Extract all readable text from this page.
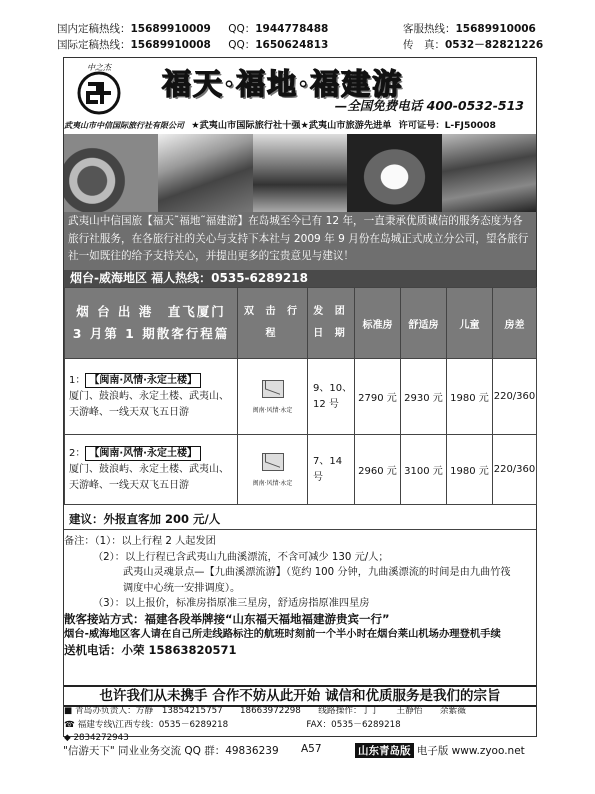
国内定稿热线：15689910009 QQ：1944778488
国际定稿热线：15689910008 QQ：1650624813
客服热线：15689910006
传　真：0532－82821226
中之杰 福天·福地·福建游
—全国免费电话 400-0532-513
武夷山市中信国际旅行社有限公司 ★武夷山市国际旅行社十强★武夷山市旅游先进单 许可证号：L-FJ50008
武夷山中信国旅【福天˜福地˜福建游】在岛城至今已有 12 年，一直秉承优质诚信的服务态度为各旅行社服务，在各旅行社的关心与支持下本社与 2009 年 9 月份在岛城正式成立分公司，望各旅行社一如既往的给予支持关心，并提出更多的宝贵意见与建议！
烟台-威海地区 福人热线：0535-6289218
烟 台 出 港　直飞厦门
3 月第 1 期散客行程篇	双 击 行 程	发 团 日 期	标准房	舒适房	儿童	房差
1： 【闽南·风情·永定土楼】
厦门、鼓浪屿、永定土楼、武夷山、天游峰、一线天双飞五日游	闽南·风情·永定	9、10、12 号	2790 元	2930 元	1980 元	220/360
2： 【闽南·风情·永定土楼】
厦门、鼓浪屿、永定土楼、武夷山、天游峰、一线天双飞五日游	闽南·风情·永定	7、14 号	2960 元	3100 元	1980 元	220/360
建议：外报直客加 200 元/人
备注：（1）：以上行程 2 人起发团
（2）：以上行程已含武夷山九曲溪漂流，不含可减少 130 元/人；
武夷山灵魂景点—【九曲溪漂流游】（览约 100 分钟，九曲溪漂流的时间是由九曲竹筏
调度中心统一安排调度）。
（3）：以上报价，标准房指原准三星房，舒适房指原准四星房
散客接站方式：福建各段举牌接“山东福天福地福建游贵宾一行”
烟台-威海地区客人请在自己所走线路标注的航班时刻前一个半小时在烟台莱山机场办理登机手续
送机电话：小荣 15863820571
也许我们从未携手 合作不妨从此开始 诚信和优质服务是我们的宗旨
■ 青岛办负责人：方静　13854215757　　18663972298　　线路操作：丁丁　　王静怡　　余紫薇
☎ 福建专线\江西专线：0535－6289218　　　　　　　　　FAX：0535－6289218
◆ 2834272943
"信游天下" 同业业务交流 QQ 群：49836239 A57	山东青岛版 电子版 www.zyoo.net
